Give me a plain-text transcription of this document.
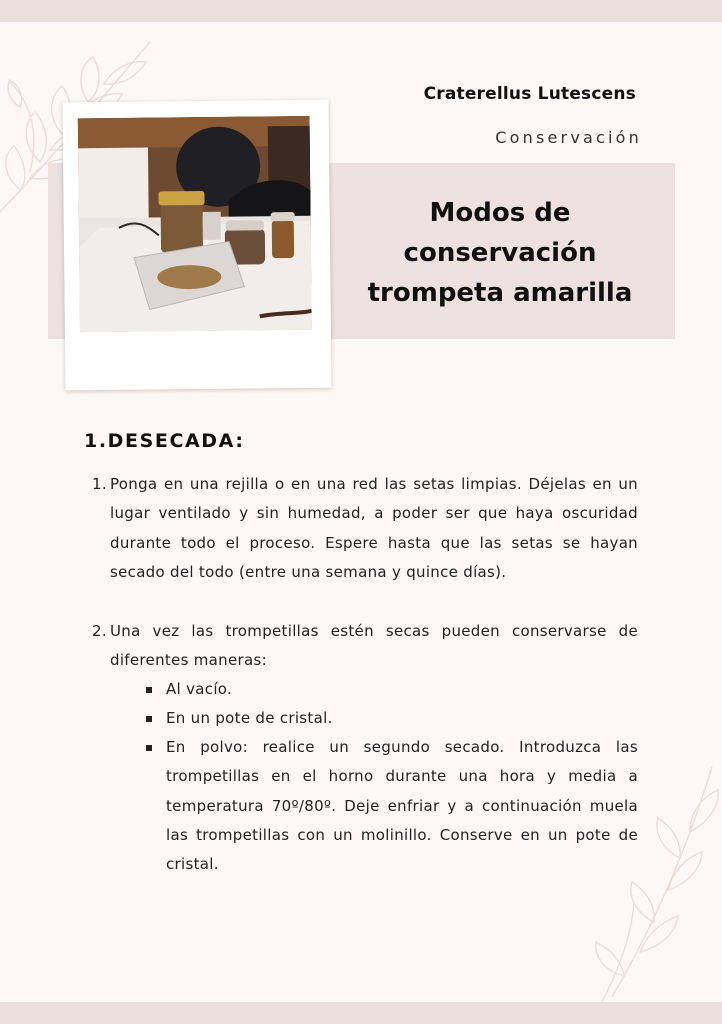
Craterellus Lutescens
Conservación
Modos de
conservación
trompeta amarilla
1.DESECADA:
1. Ponga en una rejilla o en una red las setas limpias. Déjelas en un lugar ventilado y sin humedad, a poder ser que haya oscuridad durante todo el proceso. Espere hasta que las setas se hayan secado del todo (entre una semana y quince días).
2. Una vez las trompetillas estén secas pueden conservarse de diferentes maneras:
Al vacío.
En un pote de cristal.
En polvo: realice un segundo secado. Introduzca las trompetillas en el horno durante una hora y media a temperatura 70º/80º. Deje enfriar y a continuación muela las trompetillas con un molinillo. Conserve en un pote de cristal.
